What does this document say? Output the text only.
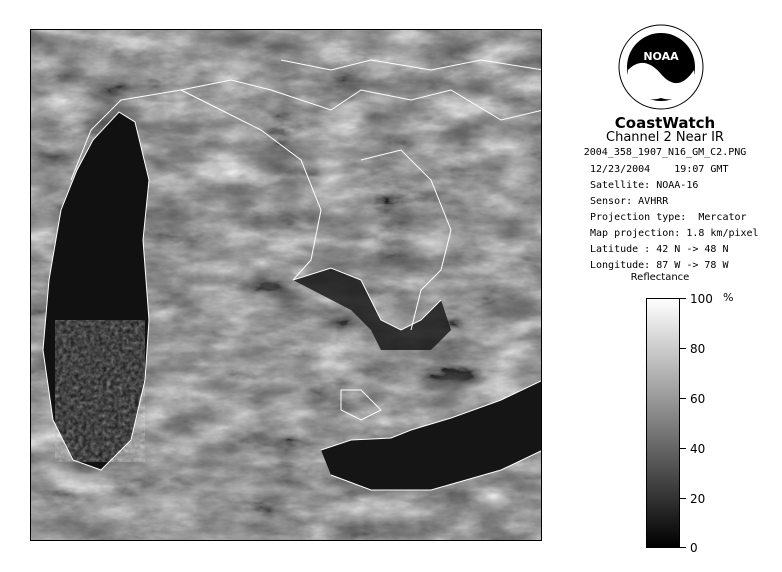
NOAA
CoastWatch
Channel 2 Near IR
2004_358_1907_N16_GM_C2.PNG
12/23/2004    19:07 GMT
Satellite: NOAA-16
Sensor: AVHRR
Projection type:  Mercator
Map projection: 1.8 km/pixel
Latitude : 42 N -> 48 N
Longitude: 87 W -> 78 W
Reflectance
%
100
80
60
40
20
0
